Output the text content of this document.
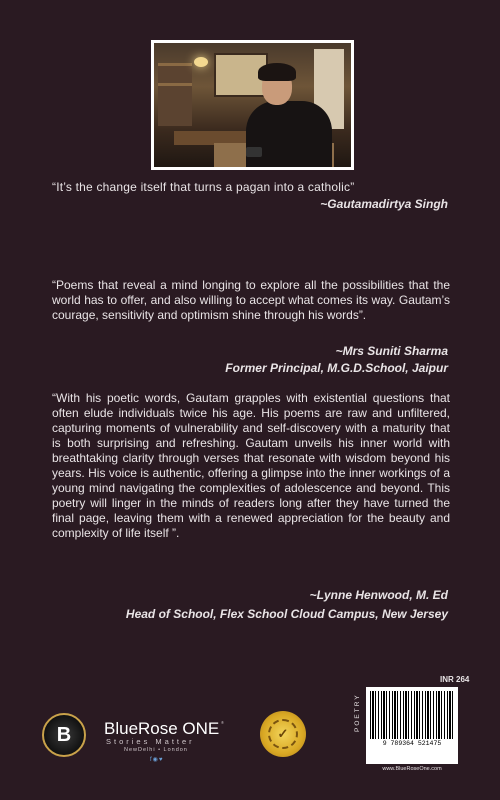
“It’s the change itself that turns a pagan into a catholic”
~Gautamadirtya Singh
“Poems that reveal a mind longing to explore all the possibilities that the world has to offer, and also willing to accept what comes its way. Gautam’s courage, sensitivity and optimism shine through his words”.
~Mrs Suniti Sharma
Former Principal, M.G.D.School, Jaipur
“With his poetic words, Gautam grapples with existential questions that often elude individuals twice his age. His poems are raw and unfiltered, capturing moments of vulnerability and self-discovery with a maturity that is both surprising and refreshing. Gautam unveils his inner world with breathtaking clarity through verses that resonate with wisdom beyond his years. His voice is authentic, offering a glimpse into the inner workings of a young mind navigating the complexities of adolescence and beyond. This poetry will linger in the minds of readers long after they have turned the final page, leaving them with a renewed appreciation for the beauty and complexity of life itself ”.
~Lynne Henwood, M. Ed
Head of School, Flex School Cloud Campus, New Jersey
INR 264
B BlueRose ONE ®
Stories Matter
NewDelhi • London
f◉♥
✓
POETRY
9 789364 521475
www.BlueRoseOne.com
